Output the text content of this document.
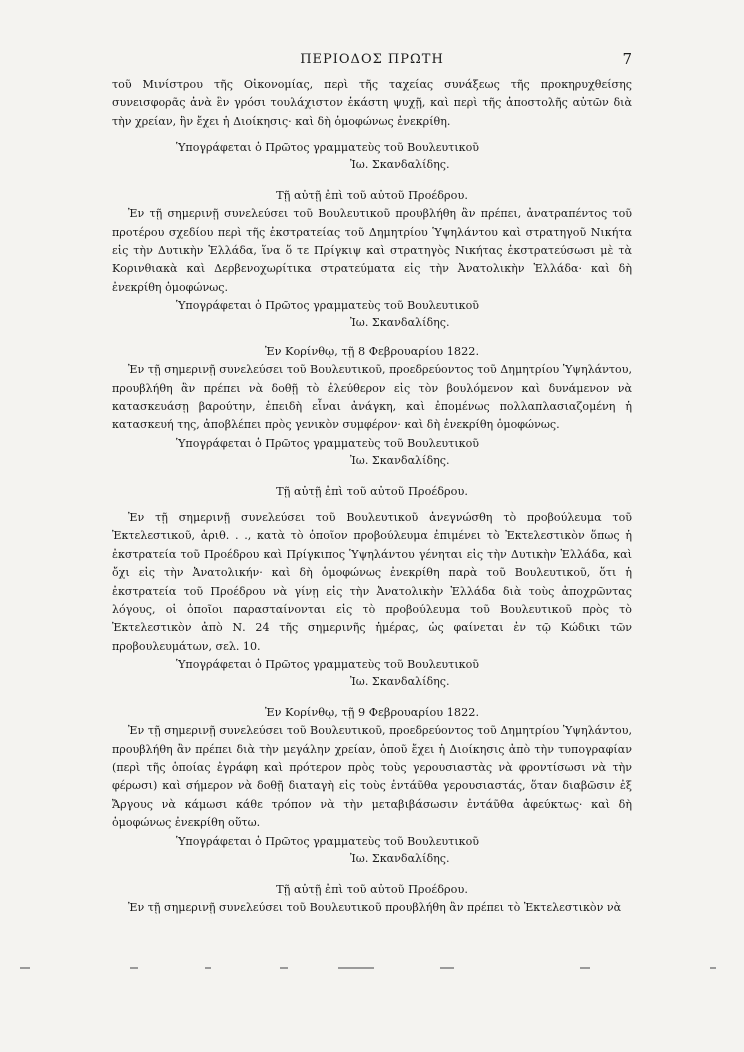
ΠΕΡΙΟΔΟΣ ΠΡΩΤΗ	7

τοῦ Μινίστρου τῆς Οἰκονομίας, περὶ τῆς ταχείας συνάξεως τῆς προκηρυχθείσης συνεισφορᾶς ἀνὰ ἓν γρόσι τουλάχιστον ἑκάστη ψυχῇ, καὶ περὶ τῆς ἀποστολῆς αὐτῶν διὰ τὴν χρείαν, ἣν ἔχει ἡ Διοίκησις· καὶ δὴ ὁμοφώνως ἐνεκρίθη.

Ὑπογράφεται ὁ Πρῶτος γραμματεὺς τοῦ Βουλευτικοῦ
Ἰω. Σκανδαλίδης.
Τῇ αὐτῇ ἐπὶ τοῦ αὐτοῦ Προέδρου.

Ἐν τῇ σημερινῇ συνελεύσει τοῦ Βουλευτικοῦ προυβλήθη ἂν πρέπει, ἀνατραπέντος τοῦ προτέρου σχεδίου περὶ τῆς ἐκστρατείας τοῦ Δημητρίου Ὑψηλάντου καὶ στρατηγοῦ Νικήτα εἰς τὴν Δυτικὴν Ἑλλάδα, ἵνα ὅ τε Πρίγκιψ καὶ στρατηγὸς Νικήτας ἐκστρατεύσωσι μὲ τὰ Κορινθιακὰ καὶ Δερβενοχωρίτικα στρατεύματα εἰς τὴν Ἀνατολικὴν Ἑλλάδα· καὶ δὴ ἐνεκρίθη ὁμοφώνως.

Ὑπογράφεται ὁ Πρῶτος γραμματεὺς τοῦ Βουλευτικοῦ
Ἰω. Σκανδαλίδης.
Ἐν Κορίνθῳ, τῇ 8 Φεβρουαρίου 1822.

Ἐν τῇ σημερινῇ συνελεύσει τοῦ Βουλευτικοῦ, προεδρεύοντος τοῦ Δημητρίου Ὑψηλάντου, προυβλήθη ἂν πρέπει νὰ δοθῇ τὸ ἐλεύθερον εἰς τὸν βουλόμενον καὶ δυνάμενον νὰ κατασκευάσῃ βαρούτην, ἐπειδὴ εἶναι ἀνάγκη, καὶ ἐπομένως πολλαπλασιαζομένη ἡ κατασκευή της, ἀποβλέπει πρὸς γενικὸν συμφέρον· καὶ δὴ ἐνεκρίθη ὁμοφώνως.

Ὑπογράφεται ὁ Πρῶτος γραμματεὺς τοῦ Βουλευτικοῦ
Ἰω. Σκανδαλίδης.
Τῇ αὐτῇ ἐπὶ τοῦ αὐτοῦ Προέδρου.

Ἐν τῇ σημερινῇ συνελεύσει τοῦ Βουλευτικοῦ ἀνεγνώσθη τὸ προβούλευμα τοῦ Ἐκτελεστικοῦ, ἀριθ. . ., κατὰ τὸ ὁποῖον προβούλευμα ἐπιμένει τὸ Ἐκτελεστικὸν ὅπως ἡ ἐκστρατεία τοῦ Προέδρου καὶ Πρίγκιπος Ὑψηλάντου γένηται εἰς τὴν Δυτικὴν Ἑλλάδα, καὶ ὄχι εἰς τὴν Ἀνατολικήν· καὶ δὴ ὁμοφώνως ἐνεκρίθη παρὰ τοῦ Βουλευτικοῦ, ὅτι ἡ ἐκστρατεία τοῦ Προέδρου νὰ γίνῃ εἰς τὴν Ἀνατολικὴν Ἑλλάδα διὰ τοὺς ἀποχρῶντας λόγους, οἱ ὁποῖοι παρασταίνονται εἰς τὸ προβούλευμα τοῦ Βουλευτικοῦ πρὸς τὸ Ἐκτελεστικὸν ἀπὸ Ν. 24 τῆς σημερινῆς ἡμέρας, ὡς φαίνεται ἐν τῷ Κώδικι τῶν προβουλευμάτων, σελ. 10.

Ὑπογράφεται ὁ Πρῶτος γραμματεὺς τοῦ Βουλευτικοῦ
Ἰω. Σκανδαλίδης.
Ἐν Κορίνθῳ, τῇ 9 Φεβρουαρίου 1822.

Ἐν τῇ σημερινῇ συνελεύσει τοῦ Βουλευτικοῦ, προεδρεύοντος τοῦ Δημητρίου Ὑψηλάντου, προυβλήθη ἂν πρέπει διὰ τὴν μεγάλην χρείαν, ὁποῦ ἔχει ἡ Διοίκησις ἀπὸ τὴν τυπογραφίαν (περὶ τῆς ὁποίας ἐγράφη καὶ πρότερον πρὸς τοὺς γερουσιαστὰς νὰ φροντίσωσι νὰ τὴν φέρωσι) καὶ σήμερον νὰ δοθῇ διαταγὴ εἰς τοὺς ἐντάῦθα γερουσιαστάς, ὅταν διαβῶσιν ἐξ Ἄργους νὰ κάμωσι κάθε τρόπον νὰ τὴν μεταβιβάσωσιν ἐντάῦθα ἀφεύκτως· καὶ δὴ ὁμοφώνως ἐνεκρίθη οὕτω.

Ὑπογράφεται ὁ Πρῶτος γραμματεὺς τοῦ Βουλευτικοῦ
Ἰω. Σκανδαλίδης.
Τῇ αὐτῇ ἐπὶ τοῦ αὐτοῦ Προέδρου.

Ἐν τῇ σημερινῇ συνελεύσει τοῦ Βουλευτικοῦ προυβλήθη ἂν πρέπει τὸ Ἐκτελεστικὸν νὰ
